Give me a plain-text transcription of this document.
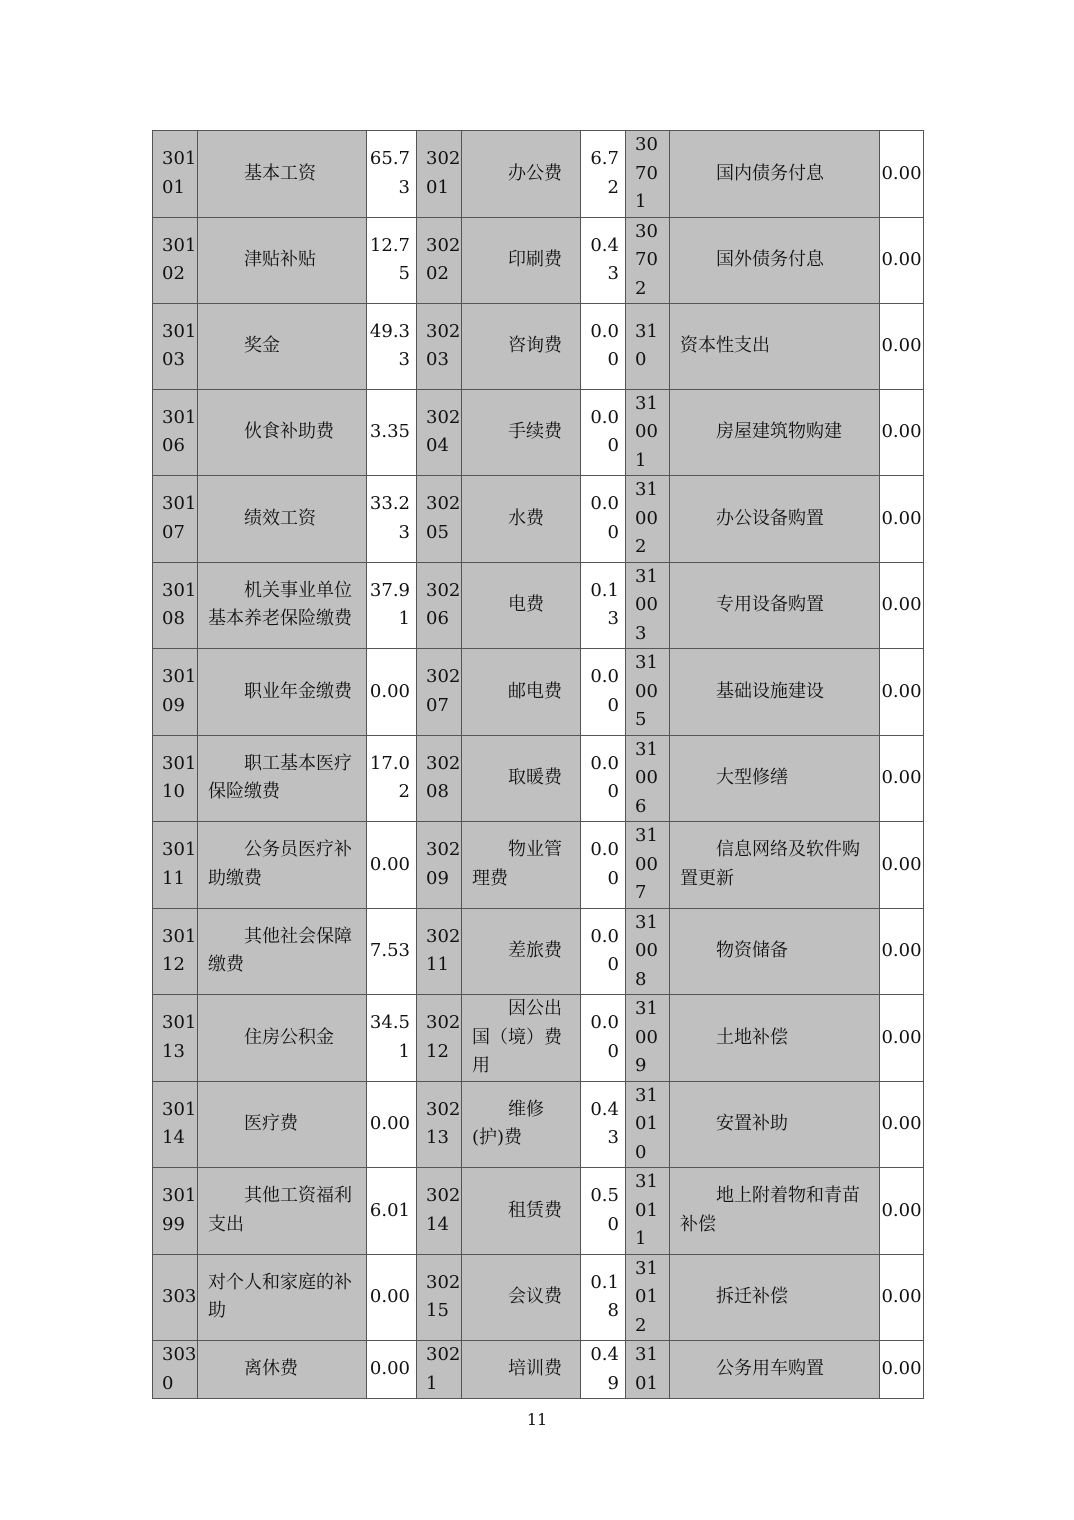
30101	基本工资	65.73	30201	办公费	6.72	30701	国内债务付息	0.00
30102	津贴补贴	12.75	30202	印刷费	0.43	30702	国外债务付息	0.00
30103	奖金	49.33	30203	咨询费	0.00	310	资本性支出	0.00
30106	伙食补助费	3.35	30204	手续费	0.00	31001	房屋建筑物购建	0.00
30107	绩效工资	33.23	30205	水费	0.00	31002	办公设备购置	0.00
30108	机关事业单位基本养老保险缴费	37.91	30206	电费	0.13	31003	专用设备购置	0.00
30109	职业年金缴费	0.00	30207	邮电费	0.00	31005	基础设施建设	0.00
30110	职工基本医疗保险缴费	17.02	30208	取暖费	0.00	31006	大型修缮	0.00
30111	公务员医疗补助缴费	0.00	30209	物业管理费	0.00	31007	信息网络及软件购置更新	0.00
30112	其他社会保障缴费	7.53	30211	差旅费	0.00	31008	物资储备	0.00
30113	住房公积金	34.51	30212	因公出国（境）费用	0.00	31009	土地补偿	0.00
30114	医疗费	0.00	30213	维修(护)费	0.43	31010	安置补助	0.00
30199	其他工资福利支出	6.01	30214	租赁费	0.50	31011	地上附着物和青苗补偿	0.00
303	对个人和家庭的补助	0.00	30215	会议费	0.18	31012	拆迁补偿	0.00
3030	离休费	0.00	3021	培训费	0.49	3101	公务用车购置	0.00
11
